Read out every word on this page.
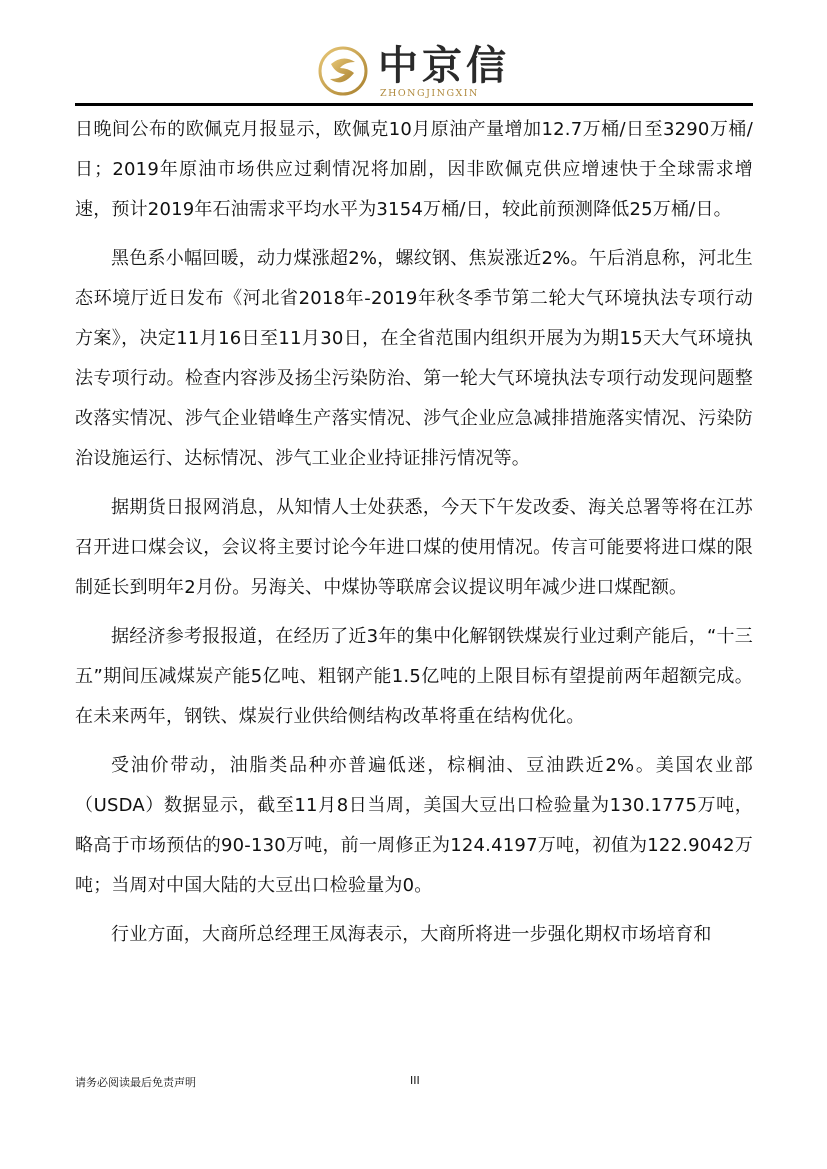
中京信
ZHONGJINGXIN

日晚间公布的欧佩克月报显示，欧佩克10月原油产量增加12.7万桶/日至3290万桶/日；2019年原油市场供应过剩情况将加剧，因非欧佩克供应增速快于全球需求增速，预计2019年石油需求平均水平为3154万桶/日，较此前预测降低25万桶/日。

黑色系小幅回暖，动力煤涨超2%，螺纹钢、焦炭涨近2%。午后消息称，河北生态环境厅近日发布《河北省2018年-2019年秋冬季节第二轮大气环境执法专项行动方案》，决定11月16日至11月30日，在全省范围内组织开展为为期15天大气环境执法专项行动。检查内容涉及扬尘污染防治、第一轮大气环境执法专项行动发现问题整改落实情况、涉气企业错峰生产落实情况、涉气企业应急减排措施落实情况、污染防治设施运行、达标情况、涉气工业企业持证排污情况等。

据期货日报网消息，从知情人士处获悉，今天下午发改委、海关总署等将在江苏召开进口煤会议，会议将主要讨论今年进口煤的使用情况。传言可能要将进口煤的限制延长到明年2月份。另海关、中煤协等联席会议提议明年减少进口煤配额。

据经济参考报报道，在经历了近3年的集中化解钢铁煤炭行业过剩产能后，“十三五”期间压减煤炭产能5亿吨、粗钢产能1.5亿吨的上限目标有望提前两年超额完成。在未来两年，钢铁、煤炭行业供给侧结构改革将重在结构优化。

受油价带动，油脂类品种亦普遍低迷，棕榈油、豆油跌近2%。美国农业部（USDA）数据显示，截至11月8日当周，美国大豆出口检验量为130.1775万吨，略高于市场预估的90-130万吨，前一周修正为124.4197万吨，初值为122.9042万吨；当周对中国大陆的大豆出口检验量为0。

行业方面，大商所总经理王凤海表示，大商所将进一步强化期权市场培育和

请务必阅读最后免责声明	III
